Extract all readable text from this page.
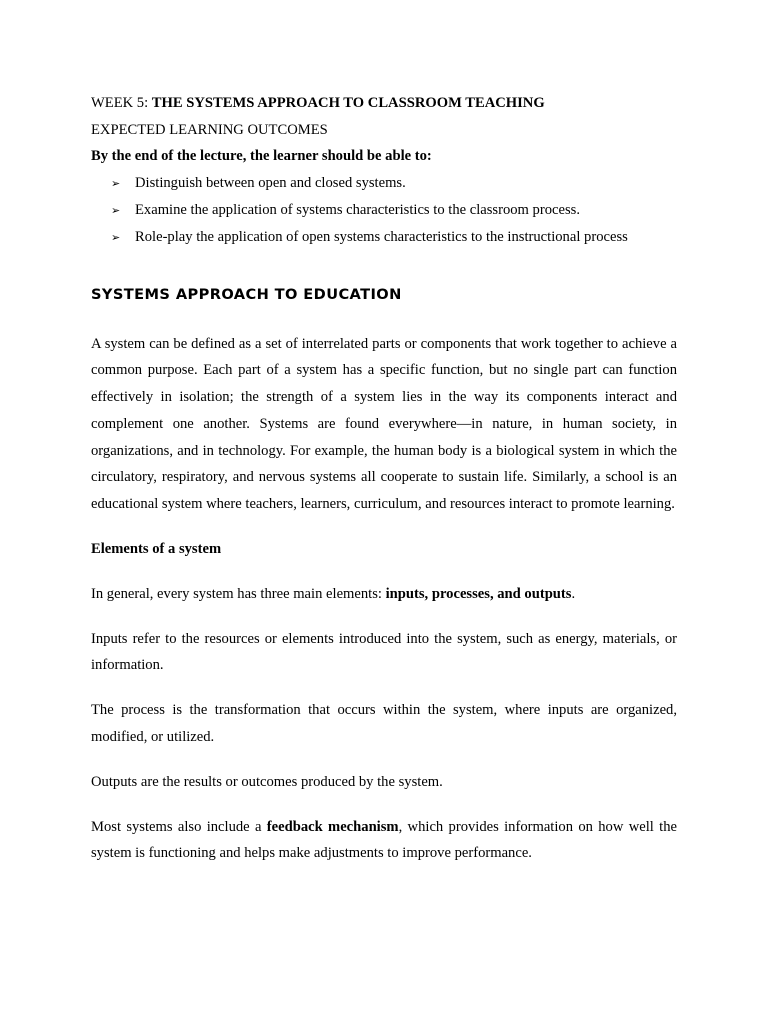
WEEK 5: THE SYSTEMS APPROACH TO CLASSROOM TEACHING

EXPECTED LEARNING OUTCOMES

By the end of the lecture, the learner should be able to:

➢ Distinguish between open and closed systems.
➢ Examine the application of systems characteristics to the classroom process.
➢ Role-play the application of open systems characteristics to the instructional process
SYSTEMS APPROACH TO EDUCATION

A system can be defined as a set of interrelated parts or components that work together to achieve a common purpose. Each part of a system has a specific function, but no single part can function effectively in isolation; the strength of a system lies in the way its components interact and complement one another. Systems are found everywhere—in nature, in human society, in organizations, and in technology. For example, the human body is a biological system in which the circulatory, respiratory, and nervous systems all cooperate to sustain life. Similarly, a school is an educational system where teachers, learners, curriculum, and resources interact to promote learning.

Elements of a system

In general, every system has three main elements: inputs, processes, and outputs.

Inputs refer to the resources or elements introduced into the system, such as energy, materials, or information.

The process is the transformation that occurs within the system, where inputs are organized, modified, or utilized.

Outputs are the results or outcomes produced by the system.

Most systems also include a feedback mechanism, which provides information on how well the system is functioning and helps make adjustments to improve performance.
